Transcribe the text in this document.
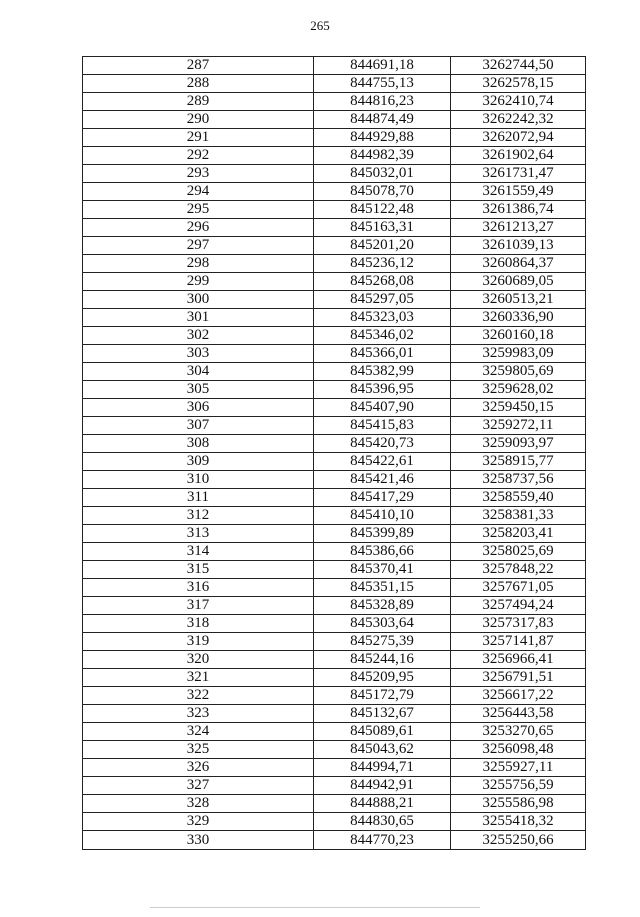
265
287	844691,18	3262744,50
288	844755,13	3262578,15
289	844816,23	3262410,74
290	844874,49	3262242,32
291	844929,88	3262072,94
292	844982,39	3261902,64
293	845032,01	3261731,47
294	845078,70	3261559,49
295	845122,48	3261386,74
296	845163,31	3261213,27
297	845201,20	3261039,13
298	845236,12	3260864,37
299	845268,08	3260689,05
300	845297,05	3260513,21
301	845323,03	3260336,90
302	845346,02	3260160,18
303	845366,01	3259983,09
304	845382,99	3259805,69
305	845396,95	3259628,02
306	845407,90	3259450,15
307	845415,83	3259272,11
308	845420,73	3259093,97
309	845422,61	3258915,77
310	845421,46	3258737,56
311	845417,29	3258559,40
312	845410,10	3258381,33
313	845399,89	3258203,41
314	845386,66	3258025,69
315	845370,41	3257848,22
316	845351,15	3257671,05
317	845328,89	3257494,24
318	845303,64	3257317,83
319	845275,39	3257141,87
320	845244,16	3256966,41
321	845209,95	3256791,51
322	845172,79	3256617,22
323	845132,67	3256443,58
324	845089,61	3253270,65
325	845043,62	3256098,48
326	844994,71	3255927,11
327	844942,91	3255756,59
328	844888,21	3255586,98
329	844830,65	3255418,32
330	844770,23	3255250,66
